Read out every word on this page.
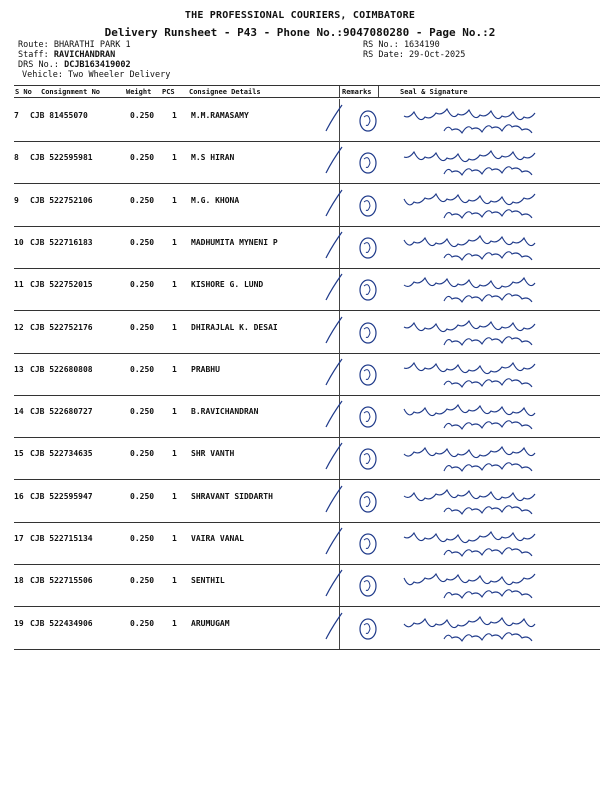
THE PROFESSIONAL COURIERS, COIMBATORE
Delivery Runsheet - P43 - Phone No.:9047080280 - Page No.:2
Route: BHARATHI PARK 1
Staff: RAVICHANDRAN
DRS No.: DCJB163419002
Vehicle: Two Wheeler Delivery
RS No.: 1634190
RS Date: 29-Oct-2025
S No Consignment No	Weight PCS Consignee Details	Remarks	Seal & Signature
7 CJB 81455070	0.250 1 M.M.RAMASAMY
8 CJB 522595981	0.250 1 M.S HIRAN
9 CJB 522752106	0.250 1 M.G. KHONA
10 CJB 522716183	0.250 1 MADHUMITA MYNENI P
11 CJB 522752015	0.250 1 KISHORE G. LUND
12 CJB 522752176	0.250 1 DHIRAJLAL K. DESAI
13 CJB 522680808	0.250 1 PRABHU
14 CJB 522680727	0.250 1 B.RAVICHANDRAN
15 CJB 522734635	0.250 1 SHR VANTH
16 CJB 522595947	0.250 1 SHRAVANT SIDDARTH
17 CJB 522715134	0.250 1 VAIRA VANAL
18 CJB 522715506	0.250 1 SENTHIL
19 CJB 522434906	0.250 1 ARUMUGAM
